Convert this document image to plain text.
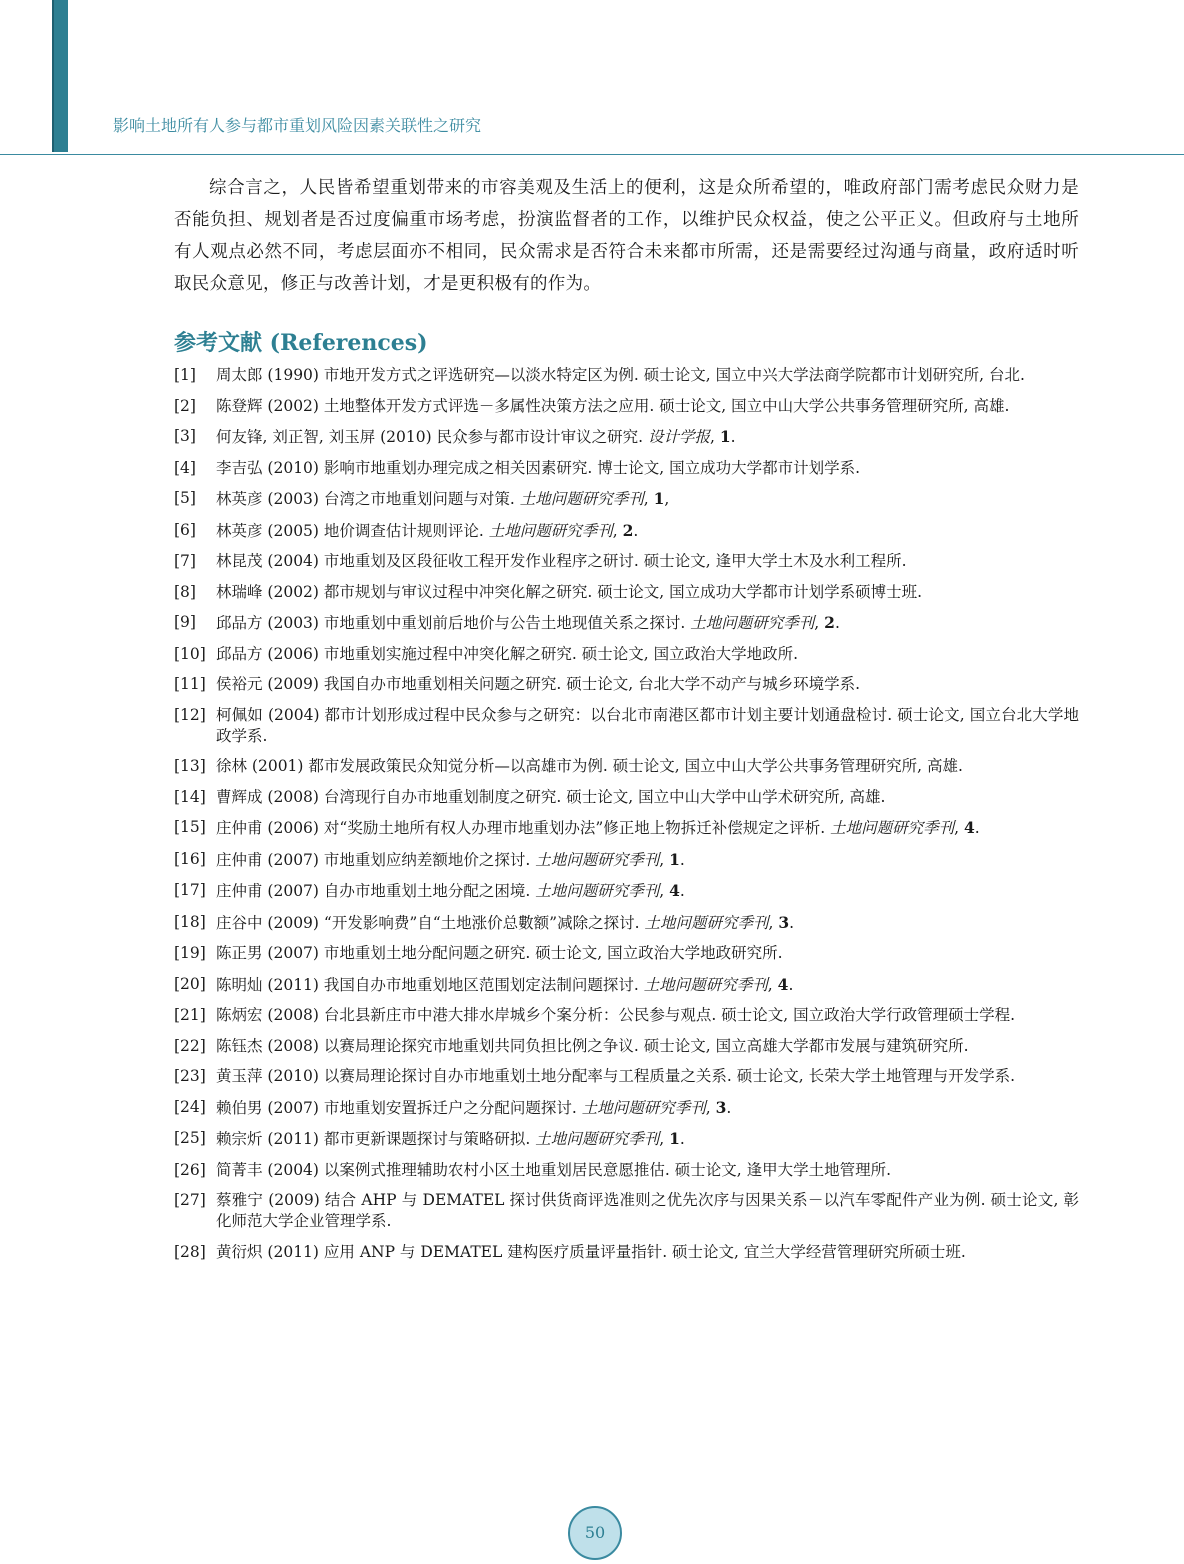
影响土地所有人参与都市重划风险因素关联性之研究

综合言之，人民皆希望重划带来的市容美观及生活上的便利，这是众所希望的，唯政府部门需考虑民众财力是否能负担、规划者是否过度偏重市场考虑，扮演监督者的工作，以维护民众权益，使之公平正义。但政府与土地所有人观点必然不同，考虑层面亦不相同，民众需求是否符合未来都市所需，还是需要经过沟通与商量，政府适时听取民众意见，修正与改善计划，才是更积极有的作为。

参考文献 (References)
[1] 周太郎 (1990) 市地开发方式之评选研究—以淡水特定区为例. 硕士论文, 国立中兴大学法商学院都市计划研究所, 台北.
[2] 陈登辉 (2002) 土地整体开发方式评选－多属性决策方法之应用. 硕士论文, 国立中山大学公共事务管理研究所, 高雄.
[3] 何友锋, 刘正智, 刘玉屏 (2010) 民众参与都市设计审议之研究. 设计学报, 1.
[4] 李吉弘 (2010) 影响市地重划办理完成之相关因素研究. 博士论文, 国立成功大学都市计划学系.
[5] 林英彦 (2003) 台湾之市地重划问题与对策. 土地问题研究季刊, 1,
[6] 林英彦 (2005) 地价调查估计规则评论. 土地问题研究季刊, 2.
[7] 林昆茂 (2004) 市地重划及区段征收工程开发作业程序之研讨. 硕士论文, 逢甲大学土木及水利工程所.
[8] 林瑞峰 (2002) 都市规划与审议过程中冲突化解之研究. 硕士论文, 国立成功大学都市计划学系硕博士班.
[9] 邱品方 (2003) 市地重划中重划前后地价与公告土地现值关系之探讨. 土地问题研究季刊, 2.
[10] 邱品方 (2006) 市地重划实施过程中冲突化解之研究. 硕士论文, 国立政治大学地政所.
[11] 侯裕元 (2009) 我国自办市地重划相关问题之研究. 硕士论文, 台北大学不动产与城乡环境学系.
[12] 柯佩如 (2004) 都市计划形成过程中民众参与之研究：以台北市南港区都市计划主要计划通盘检讨. 硕士论文, 国立台北大学地政学系.
[13] 徐林 (2001) 都市发展政策民众知觉分析—以高雄市为例. 硕士论文, 国立中山大学公共事务管理研究所, 高雄.
[14] 曹辉成 (2008) 台湾现行自办市地重划制度之研究. 硕士论文, 国立中山大学中山学术研究所, 高雄.
[15] 庄仲甫 (2006) 对“奖励土地所有权人办理市地重划办法”修正地上物拆迁补偿规定之评析. 土地问题研究季刊, 4.
[16] 庄仲甫 (2007) 市地重划应纳差额地价之探讨. 土地问题研究季刊, 1.
[17] 庄仲甫 (2007) 自办市地重划土地分配之困境. 土地问题研究季刊, 4.
[18] 庄谷中 (2009) “开发影响费”自“土地涨价总數额”减除之探讨. 土地问题研究季刊, 3.
[19] 陈正男 (2007) 市地重划土地分配问题之研究. 硕士论文, 国立政治大学地政研究所.
[20] 陈明灿 (2011) 我国自办市地重划地区范围划定法制问题探讨. 土地问题研究季刊, 4.
[21] 陈炳宏 (2008) 台北县新庄市中港大排水岸城乡个案分析：公民参与观点. 硕士论文, 国立政治大学行政管理硕士学程.
[22] 陈钰杰 (2008) 以赛局理论探究市地重划共同负担比例之争议. 硕士论文, 国立高雄大学都市发展与建筑研究所.
[23] 黄玉萍 (2010) 以赛局理论探讨自办市地重划土地分配率与工程质量之关系. 硕士论文, 长荣大学土地管理与开发学系.
[24] 赖伯男 (2007) 市地重划安置拆迁户之分配问题探讨. 土地问题研究季刊, 3.
[25] 赖宗炘 (2011) 都市更新课题探讨与策略研拟. 土地问题研究季刊, 1.
[26] 简菁丰 (2004) 以案例式推理辅助农村小区土地重划居民意愿推估. 硕士论文, 逢甲大学土地管理所.
[27] 蔡雅宁 (2009) 结合 AHP 与 DEMATEL 探讨供货商评选准则之优先次序与因果关系－以汽车零配件产业为例. 硕士论文, 彰化师范大学企业管理学系.
[28] 黄衍炽 (2011) 应用 ANP 与 DEMATEL 建构医疗质量评量指针. 硕士论文, 宜兰大学经营管理研究所硕士班.
50
